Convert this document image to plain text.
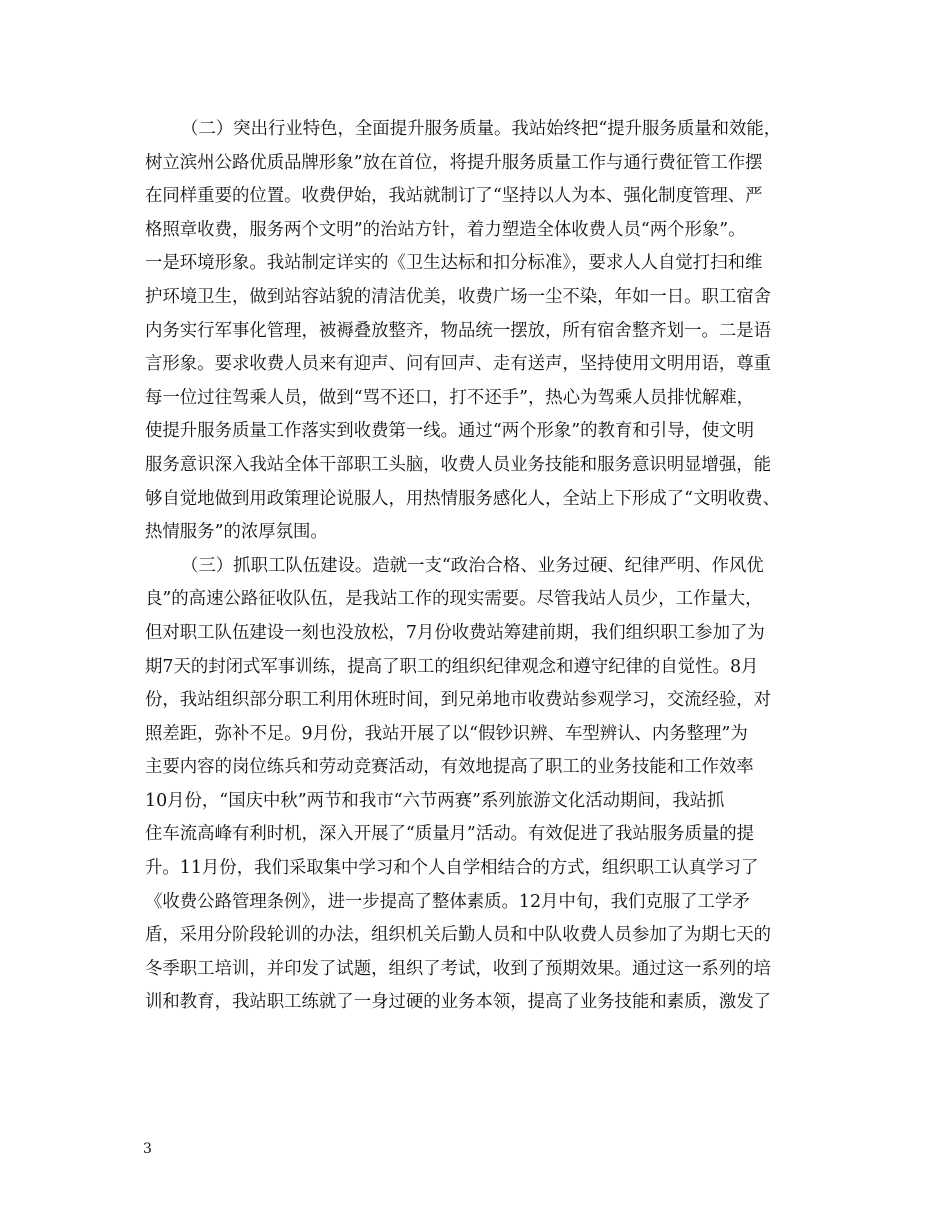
（二）突出行业特色，全面提升服务质量。我站始终把“提升服务质量和效能，
树立滨州公路优质品牌形象”放在首位，将提升服务质量工作与通行费征管工作摆
在同样重要的位置。收费伊始，我站就制订了“坚持以人为本、强化制度管理、严
格照章收费，服务两个文明”的治站方针，着力塑造全体收费人员“两个形象”。
一是环境形象。我站制定详实的《卫生达标和扣分标准》，要求人人自觉打扫和维
护环境卫生，做到站容站貌的清洁优美，收费广场一尘不染，年如一日。职工宿舍
内务实行军事化管理，被褥叠放整齐，物品统一摆放，所有宿舍整齐划一。二是语
言形象。要求收费人员来有迎声、问有回声、走有送声，坚持使用文明用语，尊重
每一位过往驾乘人员，做到“骂不还口，打不还手”，热心为驾乘人员排忧解难，
使提升服务质量工作落实到收费第一线。通过“两个形象”的教育和引导，使文明
服务意识深入我站全体干部职工头脑，收费人员业务技能和服务意识明显增强，能
够自觉地做到用政策理论说服人，用热情服务感化人，全站上下形成了“文明收费、
热情服务”的浓厚氛围。
（三）抓职工队伍建设。造就一支“政治合格、业务过硬、纪律严明、作风优
良”的高速公路征收队伍，是我站工作的现实需要。尽管我站人员少，工作量大，
但对职工队伍建设一刻也没放松，7月份收费站筹建前期，我们组织职工参加了为
期7天的封闭式军事训练，提高了职工的组织纪律观念和遵守纪律的自觉性。8月
份，我站组织部分职工利用休班时间，到兄弟地市收费站参观学习，交流经验，对
照差距，弥补不足。9月份，我站开展了以“假钞识辨、车型辨认、内务整理”为
主要内容的岗位练兵和劳动竞赛活动，有效地提高了职工的业务技能和工作效率
10月份，“国庆中秋”两节和我市“六节两赛”系列旅游文化活动期间，我站抓
住车流高峰有利时机，深入开展了“质量月”活动。有效促进了我站服务质量的提
升。11月份，我们采取集中学习和个人自学相结合的方式，组织职工认真学习了
《收费公路管理条例》，进一步提高了整体素质。12月中旬，我们克服了工学矛
盾，采用分阶段轮训的办法，组织机关后勤人员和中队收费人员参加了为期七天的
冬季职工培训，并印发了试题，组织了考试，收到了预期效果。通过这一系列的培
训和教育，我站职工练就了一身过硬的业务本领，提高了业务技能和素质，激发了
3
